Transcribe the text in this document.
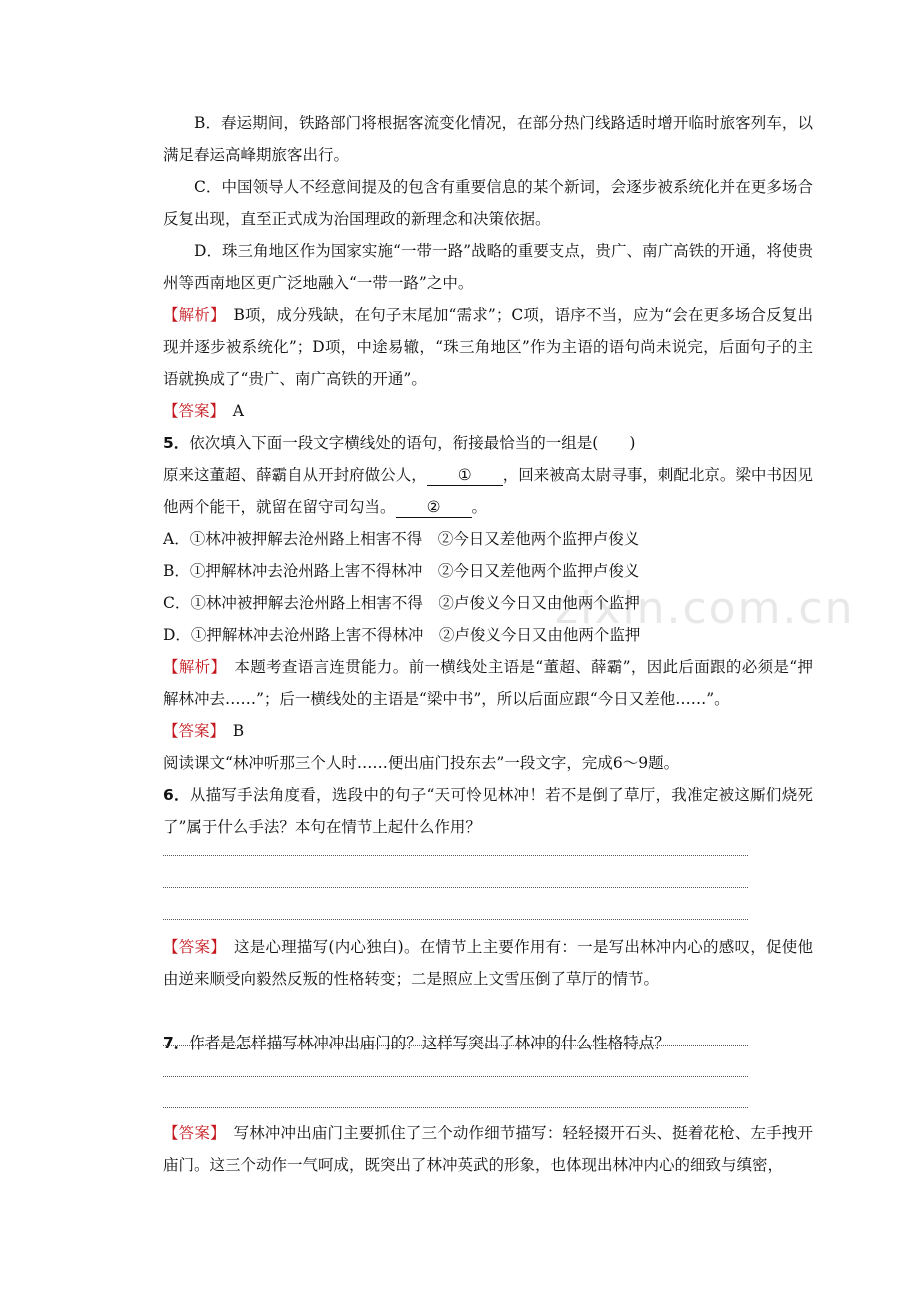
zixin.com.cn
B．春运期间，铁路部门将根据客流变化情况，在部分热门线路适时增开临时旅客列车，以满足春运高峰期旅客出行。
C．中国领导人不经意间提及的包含有重要信息的某个新词，会逐步被系统化并在更多场合反复出现，直至正式成为治国理政的新理念和决策依据。
D．珠三角地区作为国家实施“一带一路”战略的重要支点，贵广、南广高铁的开通，将使贵州等西南地区更广泛地融入“一带一路”之中。
【解析】　B项，成分残缺，在句子末尾加“需求”；C项，语序不当，应为“会在更多场合反复出现并逐步被系统化”；D项，中途易辙，“珠三角地区”作为主语的语句尚未说完，后面句子的主语就换成了“贵广、南广高铁的开通”。
【答案】　A
5．依次填入下面一段文字横线处的语句，衔接最恰当的一组是(　　)
原来这董超、薛霸自从开封府做公人， ① ，回来被高太尉寻事，刺配北京。梁中书因见他两个能干，就留在留守司勾当。 ② 。
A．①林冲被押解去沧州路上相害不得　②今日又差他两个监押卢俊义
B．①押解林冲去沧州路上害不得林冲　②今日又差他两个监押卢俊义
C．①林冲被押解去沧州路上相害不得　②卢俊义今日又由他两个监押
D．①押解林冲去沧州路上害不得林冲　②卢俊义今日又由他两个监押
【解析】　本题考查语言连贯能力。前一横线处主语是“董超、薛霸”，因此后面跟的必须是“押解林冲去……”；后一横线处的主语是“梁中书”，所以后面应跟“今日又差他……”。
【答案】　B
阅读课文“林冲听那三个人时……便出庙门投东去”一段文字，完成6～9题。
6．从描写手法角度看，选段中的句子“天可怜见林冲！若不是倒了草厅，我准定被这厮们烧死了”属于什么手法？本句在情节上起什么作用？
【答案】　这是心理描写(内心独白)。在情节上主要作用有：一是写出林冲内心的感叹，促使他由逆来顺受向毅然反叛的性格转变；二是照应上文雪压倒了草厅的情节。
7．作者是怎样描写林冲冲出庙门的？这样写突出了林冲的什么性格特点？
【答案】　写林冲冲出庙门主要抓住了三个动作细节描写：轻轻掇开石头、挺着花枪、左手拽开庙门。这三个动作一气呵成，既突出了林冲英武的形象，也体现出林冲内心的细致与缜密，
